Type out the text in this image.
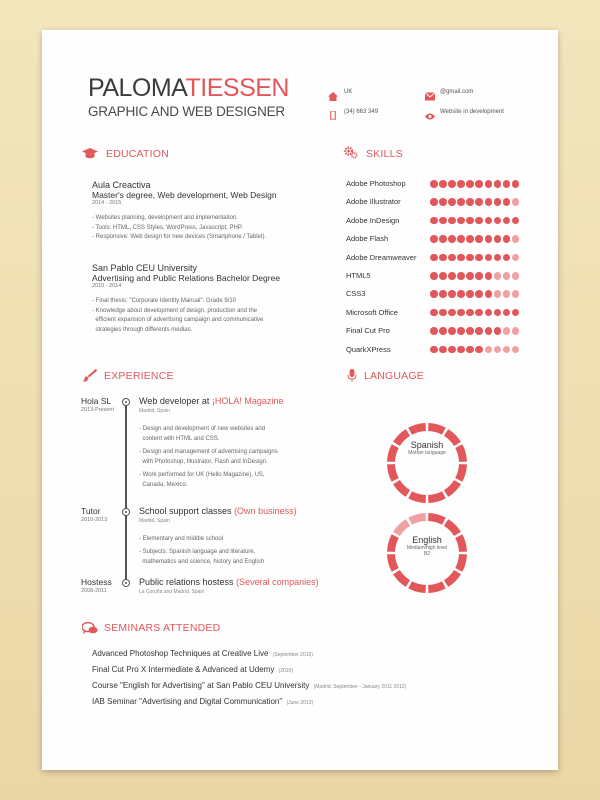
PALOMATIESSEN
GRAPHIC AND WEB DESIGNER
UK
(34) 663 349
@gmail.com
Website in development
EDUCATION
Aula Creactiva
Master's degree, Web development, Web Design
2014 - 2015
- Websites planning, development and implementation.
- Tools: HTML, CSS Styles, WordPress, Javascript, PHP.
- Responsive: Web design for new devices (Smartphone / Tablet).
San Pablo CEU University
Advertising and Public Relations Bachelor Degree
2010 - 2014
- Final thesis: "Corporate Identity Manual". Grade 9/10
- Knowledge about development of design, production and the
efficient expansion of advertising campaign and communicative
strategies through differents medias.
SKILLS
Adobe Photoshop
Adobe Illustrator
Adobe InDesign
Adobe Flash
Adobe Dreamweaver
HTML5
CSS3
Microsoft Office
Final Cut Pro
QuarkXPress
EXPERIENCE
Hola SL
2013-Present
Web developer at ¡HOLA! Magazine
Madrid, Spain
- Design and development of new websites and
content with HTML and CSS.
- Design and management of advertising campaigns
with Photoshop, Illustrator, Flash and InDesign.
- Work performed for UK (Hello Magazine), US,
Canada, Mexico.
Tutor
2010-2013
School support classes (Own business)
Madrid, Spain
- Elementary and middle school
- Subjects: Spanish language and literature,
mathematics and science, history and English
Hostess
2008-2011
Public relations hostess (Several companies)
La Coruña and Madrid, Spain
LANGUAGE
Spanish
Mother language
English
Medium/high level
B2
SEMINARS ATTENDED
Advanced Photoshop Techniques at Creative Live (September 2010)
Final Cut Pro X Intermediate & Advanced at Udemy (2010)
Course "English for Advertising" at San Pablo CEU University (Madrid, September - January 2011 2012)
IAB Seminar "Advertising and Digital Communication" (June 2013)
